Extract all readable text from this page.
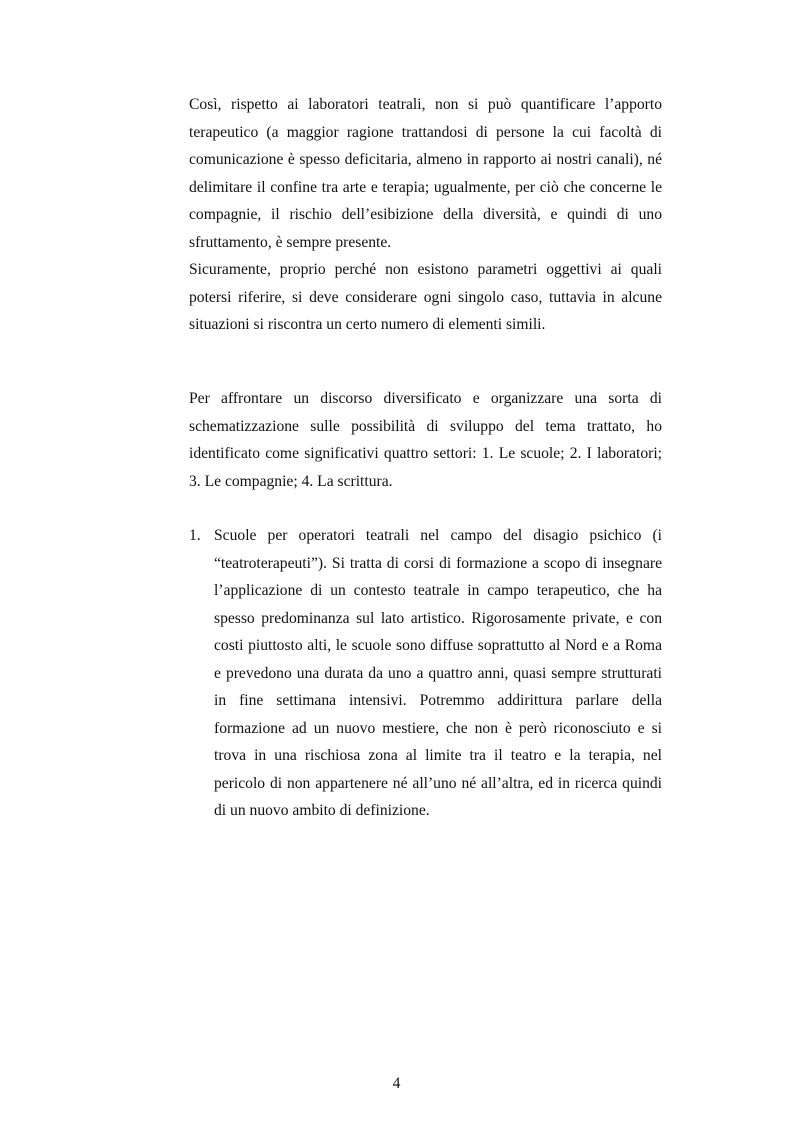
Così, rispetto ai laboratori teatrali, non si può quantificare l’apporto terapeutico (a maggior ragione trattandosi di persone la cui facoltà di comunicazione è spesso deficitaria, almeno in rapporto ai nostri canali), né delimitare il confine tra arte e terapia; ugualmente, per ciò che concerne le compagnie, il rischio dell’esibizione della diversità, e quindi di uno sfruttamento, è sempre presente.

Sicuramente, proprio perché non esistono parametri oggettivi ai quali potersi riferire, si deve considerare ogni singolo caso, tuttavia in alcune situazioni si riscontra un certo numero di elementi simili.

Per affrontare un discorso diversificato e organizzare una sorta di schematizzazione sulle possibilità di sviluppo del tema trattato, ho identificato come significativi quattro settori: 1. Le scuole; 2. I laboratori; 3. Le compagnie; 4. La scrittura.

1. Scuole per operatori teatrali nel campo del disagio psichico (i “teatroterapeuti”). Si tratta di corsi di formazione a scopo di insegnare l’applicazione di un contesto teatrale in campo terapeutico, che ha spesso predominanza sul lato artistico. Rigorosamente private, e con costi piuttosto alti, le scuole sono diffuse soprattutto al Nord e a Roma e prevedono una durata da uno a quattro anni, quasi sempre strutturati in fine settimana intensivi. Potremmo addirittura parlare della formazione ad un nuovo mestiere, che non è però riconosciuto e si trova in una rischiosa zona al limite tra il teatro e la terapia, nel pericolo di non appartenere né all’uno né all’altra, ed in ricerca quindi di un nuovo ambito di definizione.
4
